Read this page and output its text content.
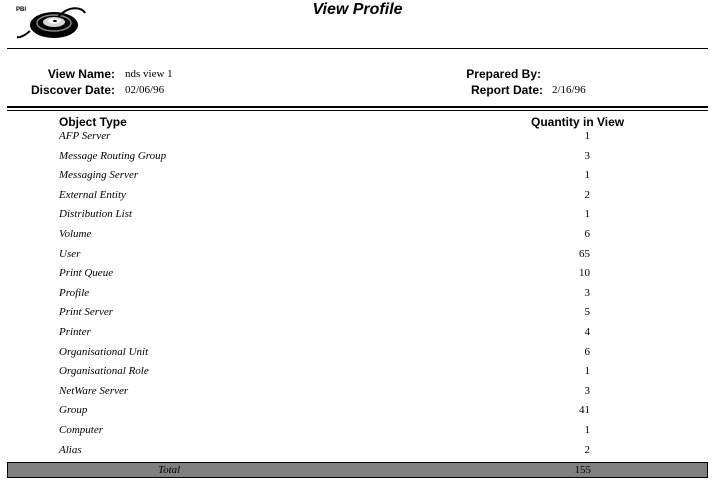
PBI	View Profile
View Name: nds view 1
Discover Date: 02/06/96
Prepared By:
Report Date: 2/16/96
Object Type	Quantity in View
AFP Server	1
Message Routing Group	3
Messaging Server	1
External Entity	2
Distribution List	1
Volume	6
User	65
Print Queue	10
Profile	3
Print Server	5
Printer	4
Organisational Unit	6
Organisational Role	1
NetWare Server	3
Group	41
Computer	1
Alias	2
Total	155
